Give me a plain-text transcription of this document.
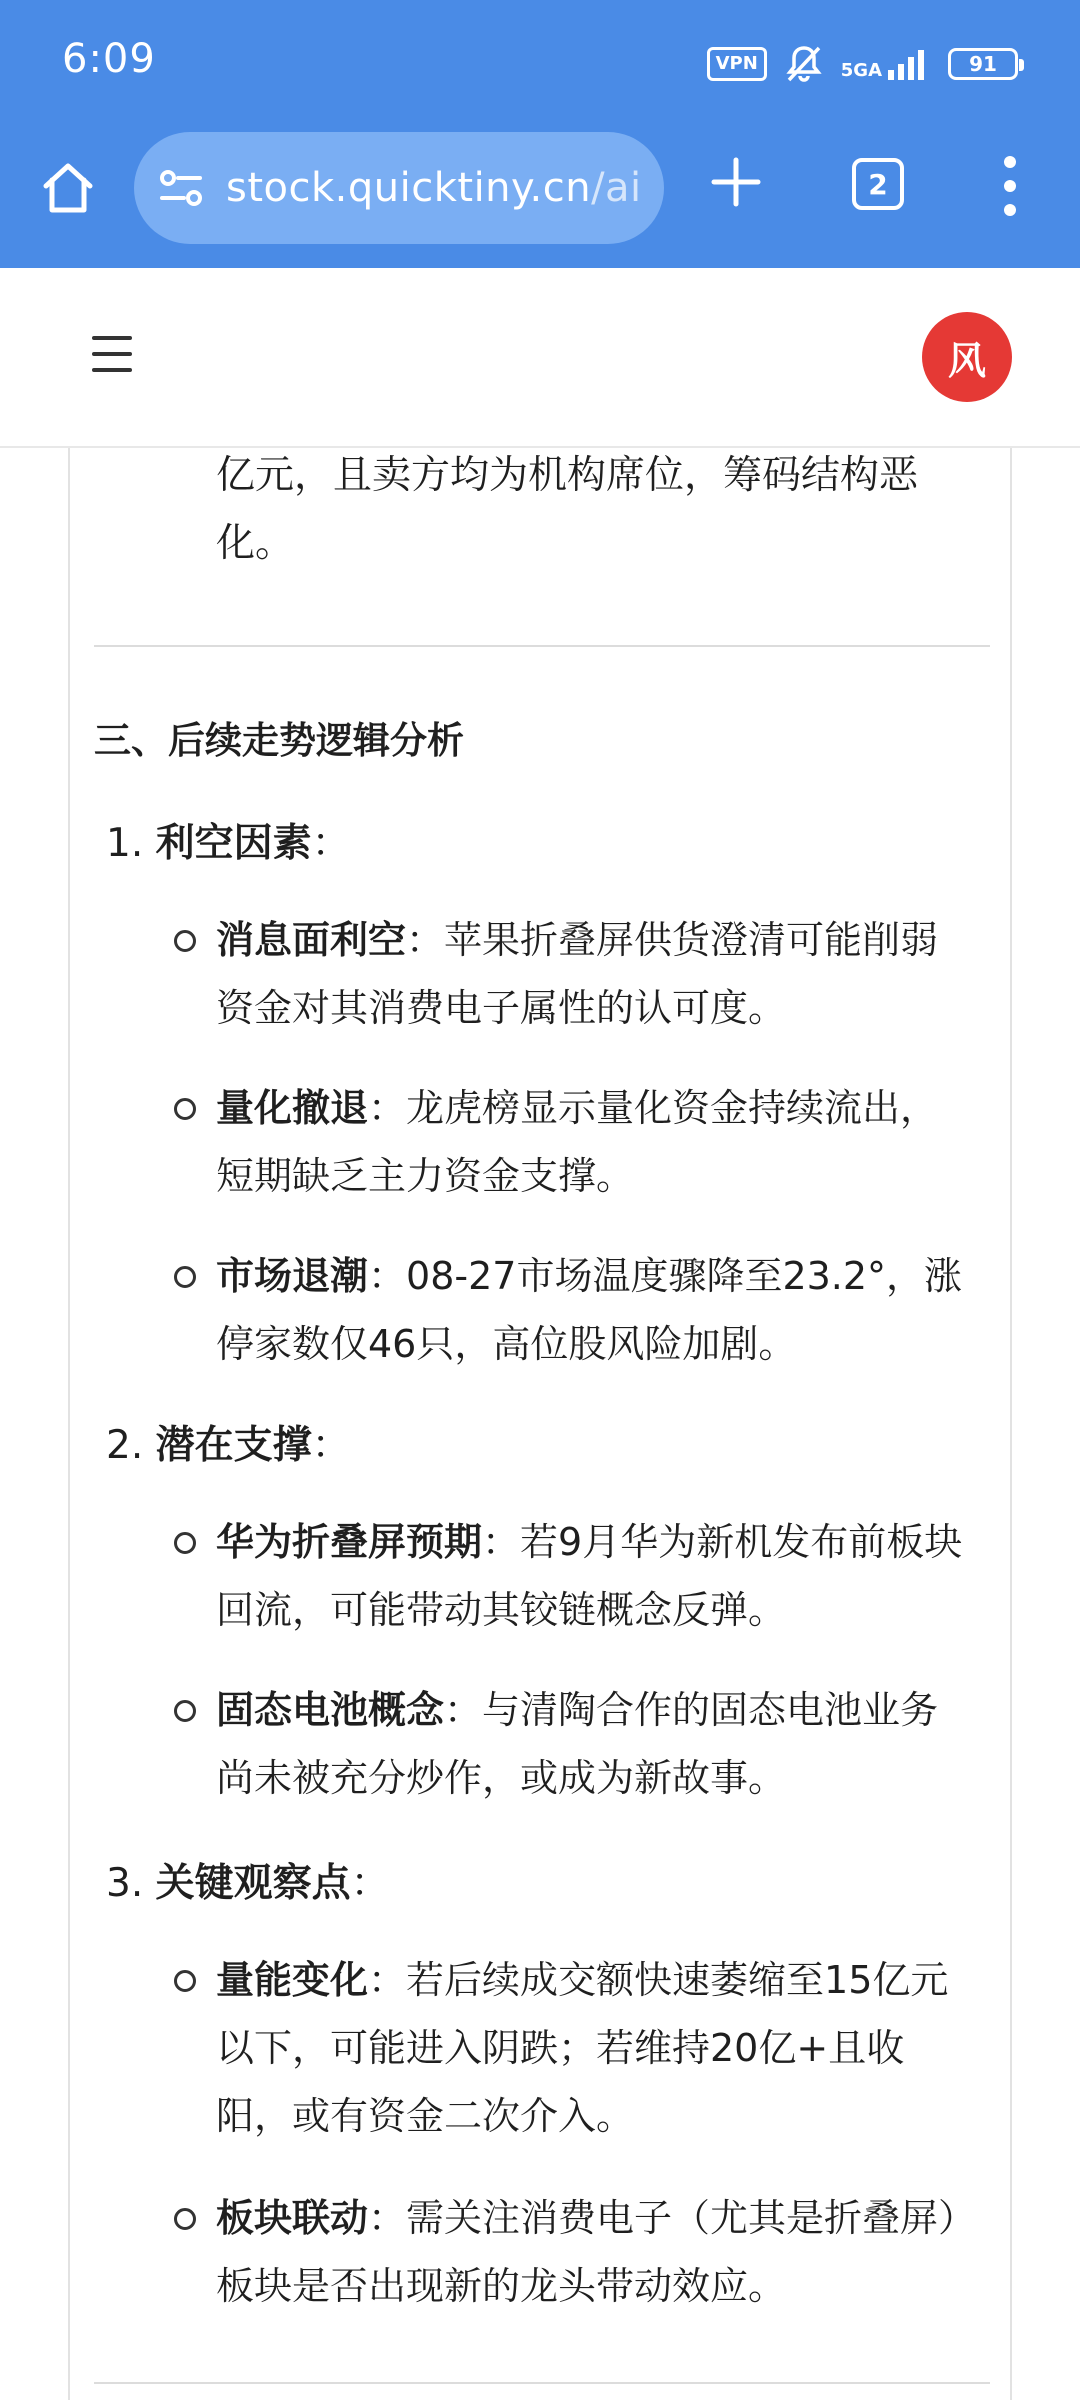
6:09	VPN	5GA	91
stock.quicktiny.cn/ai	2
风
亿元，且卖方均为机构席位，筹码结构恶化。
三、后续走势逻辑分析
1. 利空因素：
消息面利空：苹果折叠屏供货澄清可能削弱资金对其消费电子属性的认可度。
量化撤退：龙虎榜显示量化资金持续流出，短期缺乏主力资金支撑。
市场退潮：08-27市场温度骤降至23.2°，涨停家数仅46只，高位股风险加剧。
2. 潜在支撑：
华为折叠屏预期：若9月华为新机发布前板块回流，可能带动其铰链概念反弹。
固态电池概念：与清陶合作的固态电池业务尚未被充分炒作，或成为新故事。
3. 关键观察点：
量能变化：若后续成交额快速萎缩至15亿元以下，可能进入阴跌；若维持20亿+且收阳，或有资金二次介入。
板块联动：需关注消费电子（尤其是折叠屏）板块是否出现新的龙头带动效应。
